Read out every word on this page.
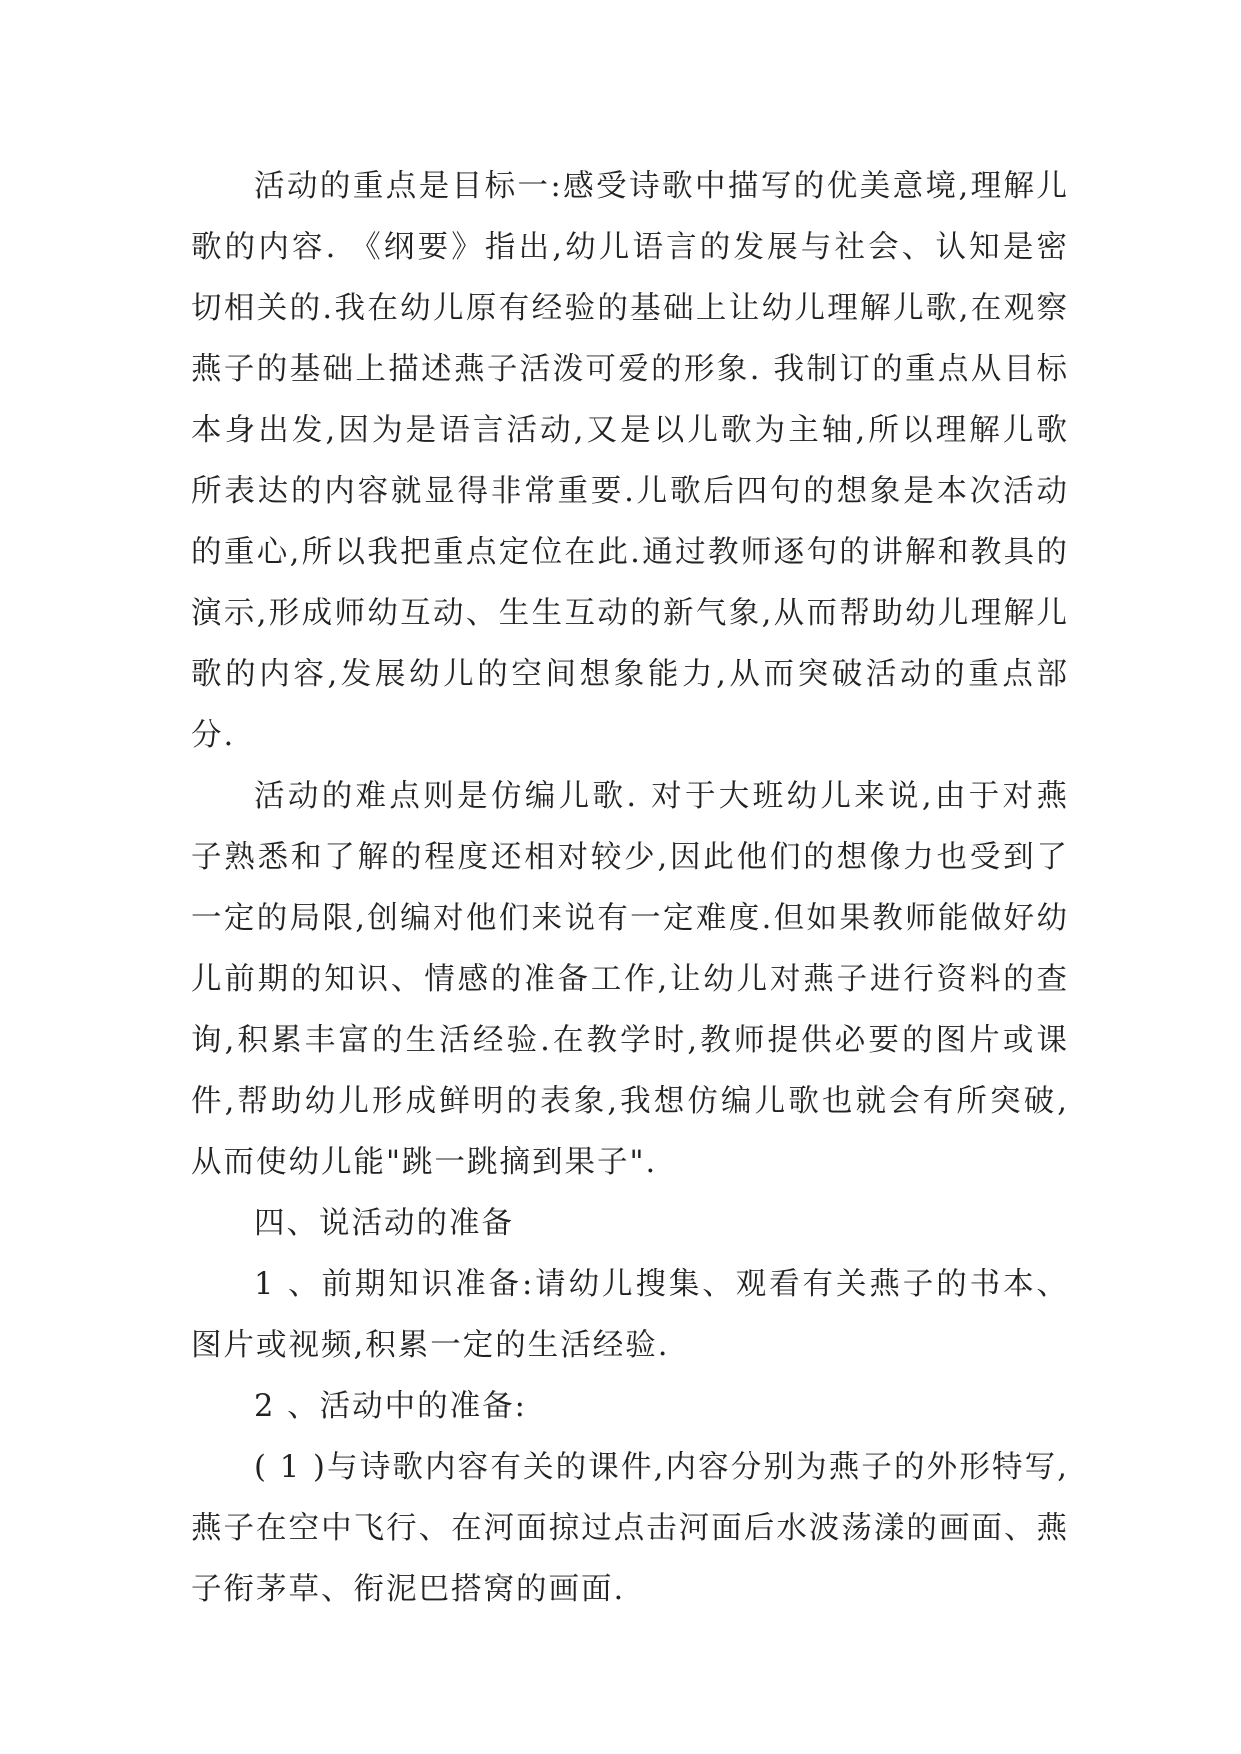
活动的重点是目标一:感受诗歌中描写的优美意境,理解儿歌的内容. 《纲要》指出,幼儿语言的发展与社会、认知是密切相关的.我在幼儿原有经验的基础上让幼儿理解儿歌,在观察燕子的基础上描述燕子活泼可爱的形象. 我制订的重点从目标本身出发,因为是语言活动,又是以儿歌为主轴,所以理解儿歌所表达的内容就显得非常重要.儿歌后四句的想象是本次活动的重心,所以我把重点定位在此.通过教师逐句的讲解和教具的演示,形成师幼互动、生生互动的新气象,从而帮助幼儿理解儿歌的内容,发展幼儿的空间想象能力,从而突破活动的重点部分.

活动的难点则是仿编儿歌. 对于大班幼儿来说,由于对燕子熟悉和了解的程度还相对较少,因此他们的想像力也受到了一定的局限,创编对他们来说有一定难度.但如果教师能做好幼儿前期的知识、情感的准备工作,让幼儿对燕子进行资料的查询,积累丰富的生活经验.在教学时,教师提供必要的图片或课件,帮助幼儿形成鲜明的表象,我想仿编儿歌也就会有所突破,从而使幼儿能"跳一跳摘到果子".

四、说活动的准备

1 、前期知识准备:请幼儿搜集、观看有关燕子的书本、图片或视频,积累一定的生活经验.

2 、活动中的准备:

( 1 )与诗歌内容有关的课件,内容分别为燕子的外形特写,燕子在空中飞行、在河面掠过点击河面后水波荡漾的画面、燕子衔茅草、衔泥巴搭窝的画面.
